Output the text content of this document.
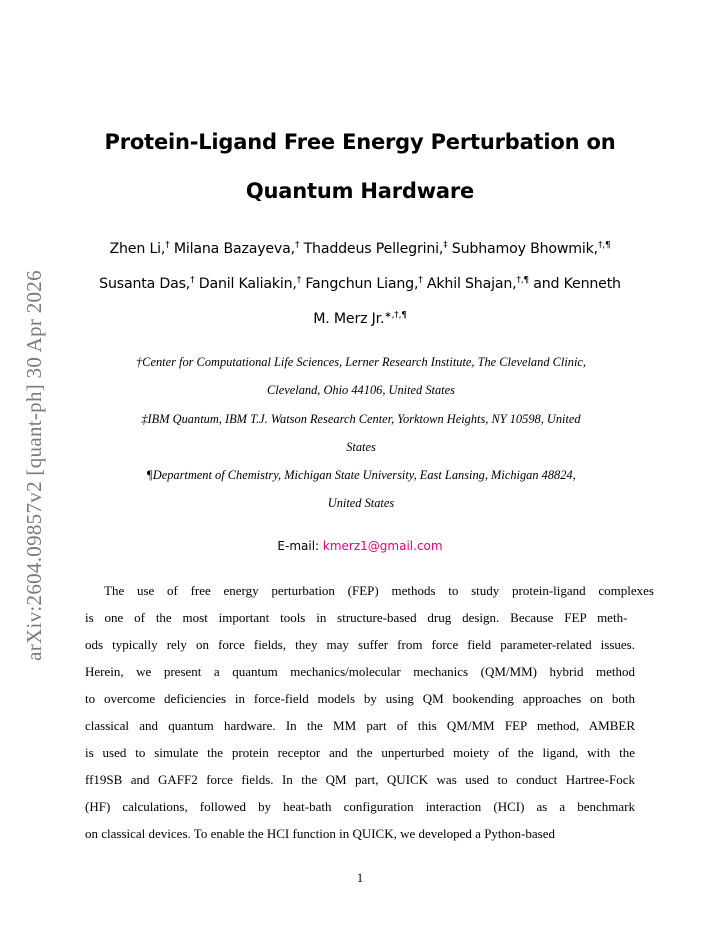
arXiv:2604.09857v2 [quant-ph] 30 Apr 2026
Protein-Ligand Free Energy Perturbation on
Quantum Hardware
Zhen Li,† Milana Bazayeva,† Thaddeus Pellegrini,‡ Subhamoy Bhowmik,†,¶
Susanta Das,† Danil Kaliakin,† Fangchun Liang,† Akhil Shajan,†,¶ and Kenneth
M. Merz Jr.∗,†,¶
†Center for Computational Life Sciences, Lerner Research Institute, The Cleveland Clinic,
Cleveland, Ohio 44106, United States
‡IBM Quantum, IBM T.J. Watson Research Center, Yorktown Heights, NY 10598, United
States
¶Department of Chemistry, Michigan State University, East Lansing, Michigan 48824,
United States
E-mail: kmerz1@gmail.com
The use of free energy perturbation (FEP) methods to study protein-ligand complexes
is one of the most important tools in structure-based drug design. Because FEP meth-
ods typically rely on force fields, they may suffer from force field parameter-related issues.
Herein, we present a quantum mechanics/molecular mechanics (QM/MM) hybrid method
to overcome deficiencies in force-field models by using QM bookending approaches on both
classical and quantum hardware. In the MM part of this QM/MM FEP method, AMBER
is used to simulate the protein receptor and the unperturbed moiety of the ligand, with the
ff19SB and GAFF2 force fields. In the QM part, QUICK was used to conduct Hartree-Fock
(HF) calculations, followed by heat-bath configuration interaction (HCI) as a benchmark
on classical devices. To enable the HCI function in QUICK, we developed a Python-based
1
